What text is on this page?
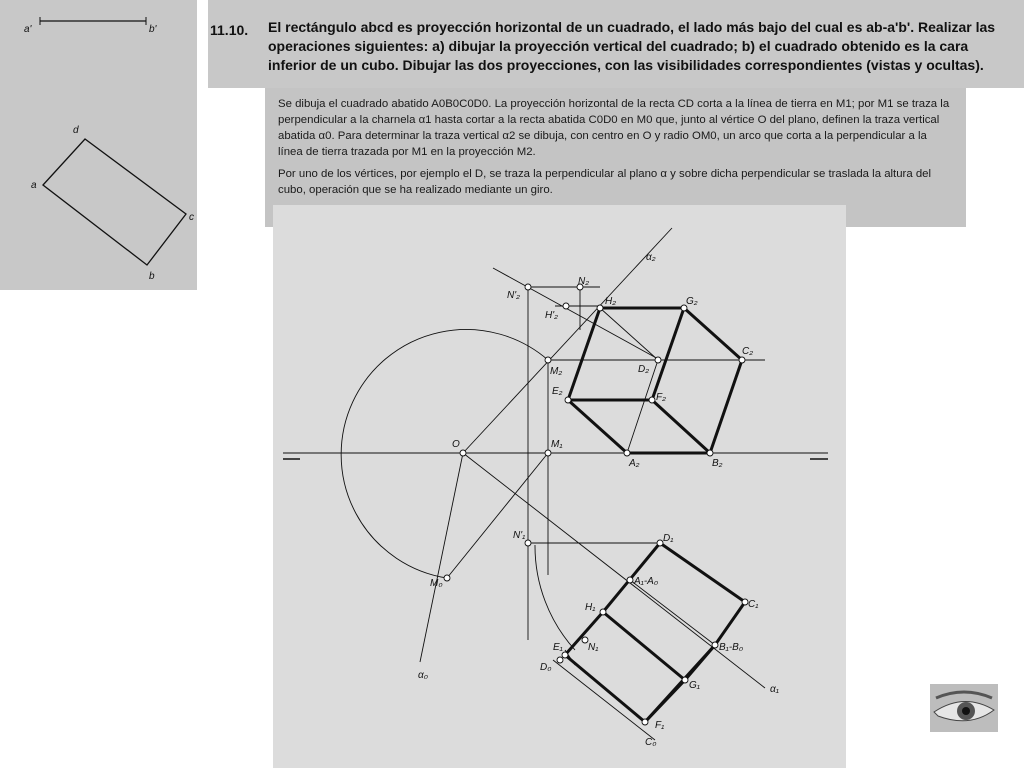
a'	b'
a
d
c
b
11.10. El rectángulo abcd es proyección horizontal de un cuadrado, el lado más bajo del cual es ab-a'b'. Realizar las operaciones siguientes: a) dibujar la proyección vertical del cuadrado; b) el cuadrado obtenido es la cara inferior de un cubo. Dibujar las dos proyecciones, con las visibilidades correspondientes (vistas y ocultas).

Se dibuja el cuadrado abatido A0B0C0D0. La proyección horizontal de la recta CD corta a la línea de tierra en M1; por M1 se traza la perpendicular a la charnela α1 hasta cortar a la recta abatida C0D0 en M0 que, junto al vértice O del plano, definen la traza vertical abatida α0. Para determinar la traza vertical α2 se dibuja, con centro en O y radio OM0, un arco que corta a la perpendicular a la línea de tierra trazada por M1 en la proyección M2.

Por uno de los vértices, por ejemplo el D, se traza la perpendicular al plano α y sobre dicha perpendicular se traslada la altura del cubo, operación que se ha realizado mediante un giro.

α₂
N₂
N'₂
H₂
H'₂
G₂
C₂
M₂	D₂
E₂
F₂
O	M₁
A₂	B₂
N'₁	D₁
A₁-A₀
M₀
H₁	C₁
E₁	N₁	B₁-B₀
D₀
G₁	α₁
α₀
F₁
C₀
